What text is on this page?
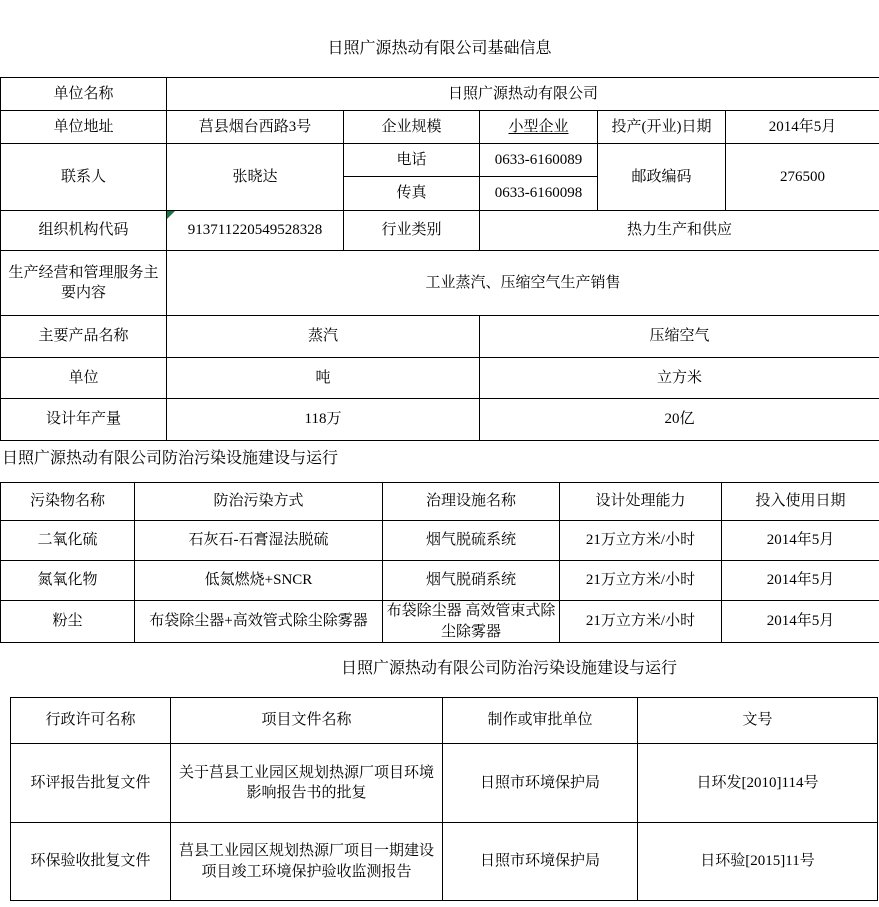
日照广源热动有限公司基础信息
单位名称	日照广源热动有限公司				
单位地址	莒县烟台西路3号	企业规模	小型企业	投产(开业)日期	2014年5月
联系人	张晓达	电话	0633-6160089	邮政编码	276500
		传真	0633-6160098		
组织机构代码	913711220549528328	行业类别	热力生产和供应		
生产经营和管理服务主要内容	工业蒸汽、压缩空气生产销售				
主要产品名称	蒸汽		压缩空气		
单位	吨		立方米		
设计年产量	118万		20亿		
日照广源热动有限公司防治污染设施建设与运行
污染物名称	防治污染方式	治理设施名称	设计处理能力	投入使用日期
二氧化硫	石灰石-石膏湿法脱硫	烟气脱硫系统	21万立方米/小时	2014年5月
氮氧化物	低氮燃烧+SNCR	烟气脱硝系统	21万立方米/小时	2014年5月
粉尘	布袋除尘器+高效管式除尘除雾器	布袋除尘器 高效管束式除尘除雾器	21万立方米/小时	2014年5月
日照广源热动有限公司防治污染设施建设与运行
行政许可名称	项目文件名称	制作或审批单位	文号
环评报告批复文件	关于莒县工业园区规划热源厂项目环境影响报告书的批复	日照市环境保护局	日环发[2010]114号
环保验收批复文件	莒县工业园区规划热源厂项目一期建设项目竣工环境保护验收监测报告	日照市环境保护局	日环验[2015]11号
